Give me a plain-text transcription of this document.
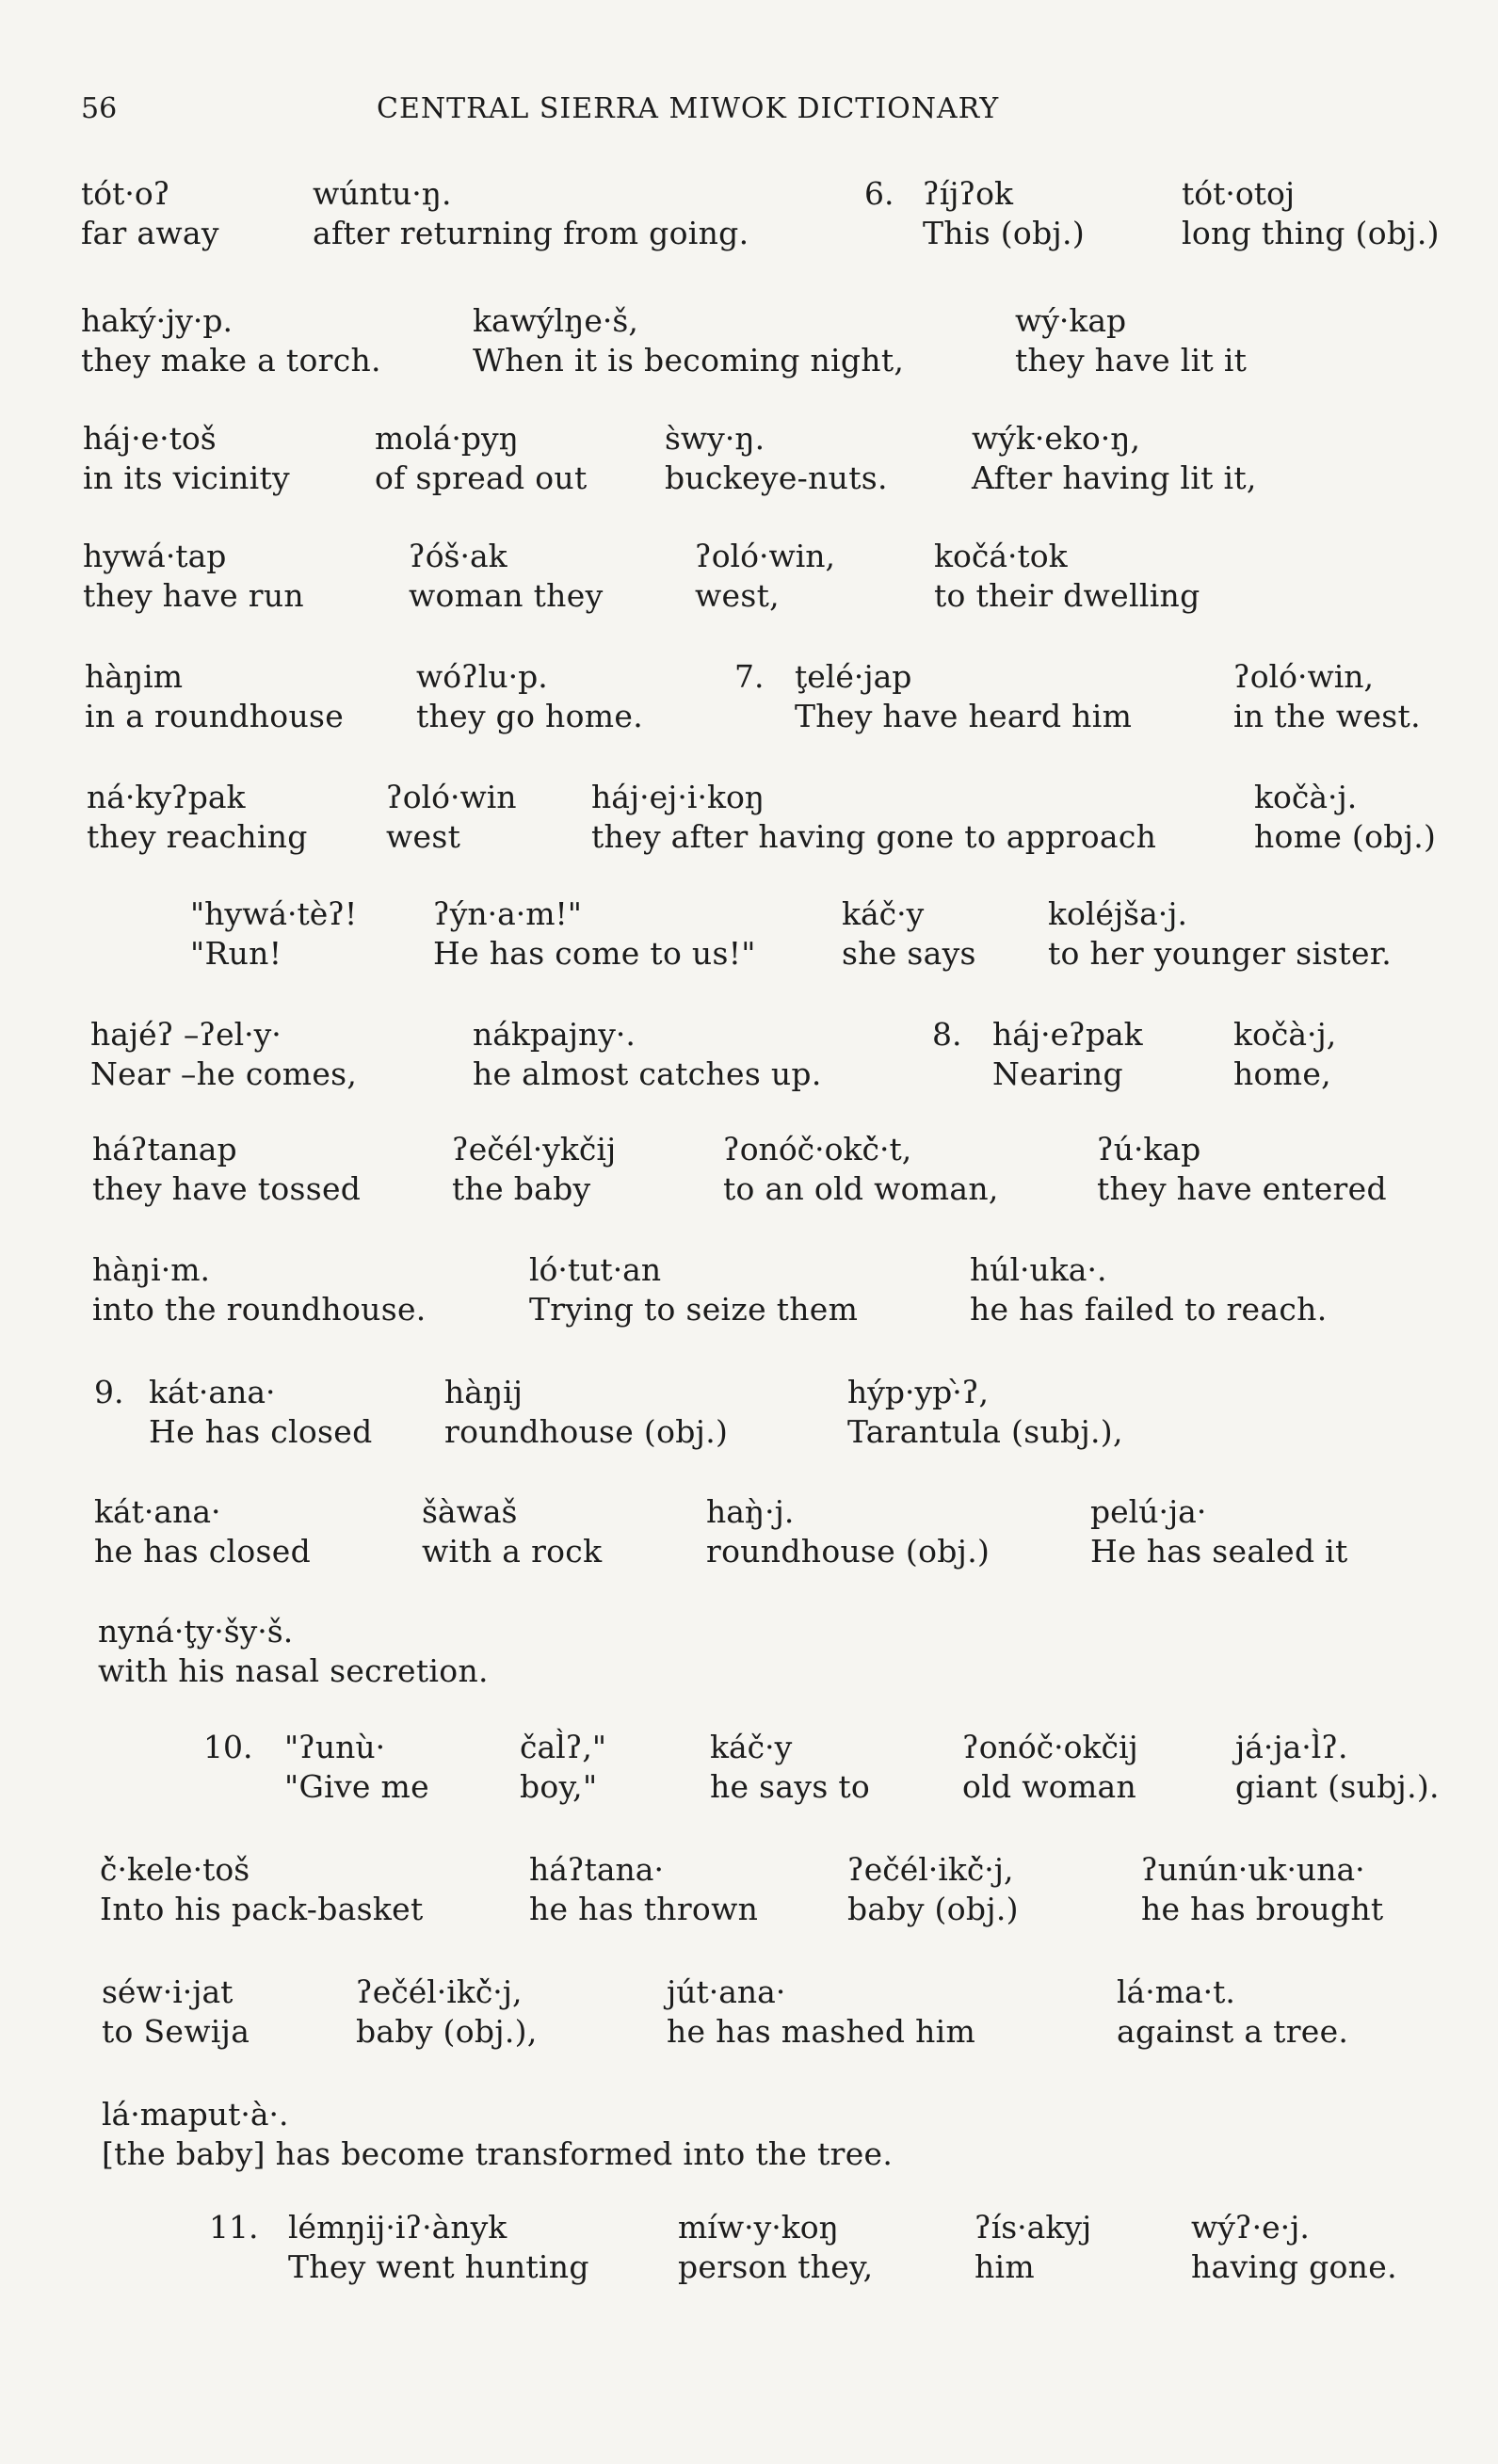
56	CENTRAL SIERRA MIWOK DICTIONARY
6.
tót·oʔ
far away
wúntu·ŋ.
after returning from going.
ʔíjʔok
This (obj.)
tót·otoj
long thing (obj.)
haký·jy·p.
they make a torch.
kawýlŋe·š,
When it is becoming night,
wý·kap
they have lit it
háj·e·toš
in its vicinity
molá·pyŋ
of spread out
s̀wy·ŋ.
buckeye-nuts.
wýk·eko·ŋ,
After having lit it,
hywá·tap
they have run
ʔóš·ak
woman they
ʔoló·win,
west,
kočá·tok
to their dwelling
7.
hàŋim
in a roundhouse
wóʔlu·p.
they go home.
ţelé·jap
They have heard him
ʔoló·win,
in the west.
ná·kyʔpak
they reaching
ʔoló·win
west
háj·ej·i·koŋ
they after having gone to approach
kočà·j.
home (obj.)
"hywá·tèʔ!
"Run!
ʔýn·a·m!"
He has come to us!"
káč·y
she says
koléjša·j.
to her younger sister.
8.
hajéʔ –ʔel·y·
Near –he comes,
nákpajny·.
he almost catches up.
háj·eʔpak
Nearing
kočà·j,
home,
háʔtanap
they have tossed
ʔečél·ykčij
the baby
ʔonóč·okč̀·t,
to an old woman,
ʔú·kap
they have entered
hàŋi·m.
into the roundhouse.
ló·tut·an
Trying to seize them
húl·uka·.
he has failed to reach.
9. kát·ana·
He has closed
hàŋij
roundhouse (obj.)
hýp·yp·̀ʔ,
Tarantula (subj.),
kát·ana·
he has closed
šàwaš
with a rock
haŋ̀·j.
roundhouse (obj.)
pelú·ja·
He has sealed it
nyná·ţy·šy·š.
with his nasal secretion.
10. "ʔunù·
"Give me
čal̀ʔ,"
boy,"
káč·y
he says to
ʔonóč·okčij
old woman
já·ja·l̀ʔ.
giant (subj.).
č̀·kele·toš
Into his pack-basket
háʔtana·
he has thrown
ʔečél·ikč̀·j,
baby (obj.)
ʔunún·uk·una·
he has brought
séw·i·jat
to Sewija
ʔečél·ikč̀·j,
baby (obj.),
jút·ana·
he has mashed him
lá·ma·t.
against a tree.
lá·maput·à·.
[the baby] has become transformed into the tree.
11. lémŋij·iʔ·ànyk
They went hunting
míw·y·koŋ
person they,
ʔís·akyj
him
wýʔ·e·j.
having gone.
